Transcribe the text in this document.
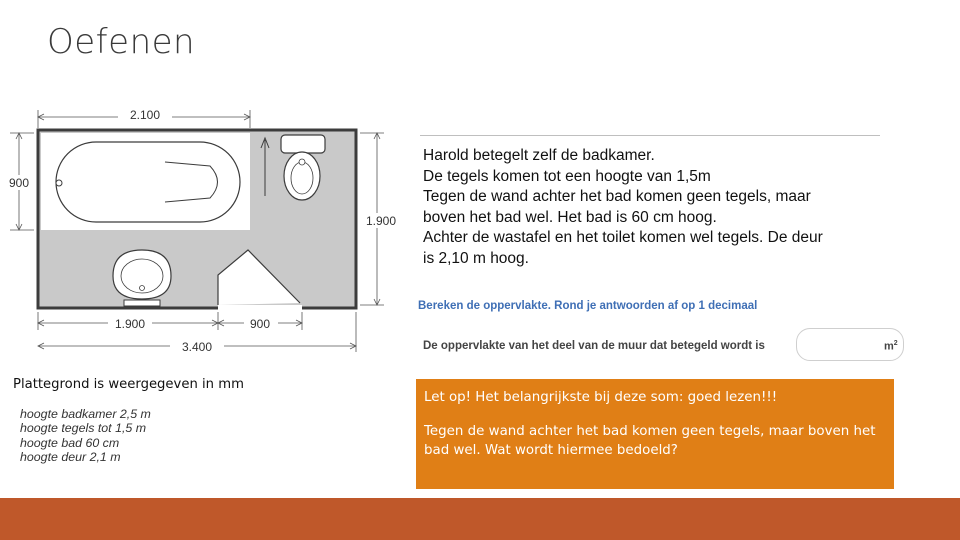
Oefenen
2.100
900
1.900
1.900	900
3.400
Plattegrond is weergegeven in mm
hoogte badkamer 2,5 m
hoogte tegels tot 1,5 m
hoogte bad 60 cm
hoogte deur 2,1 m
Harold betegelt zelf de badkamer.
De tegels komen tot een hoogte van 1,5m
Tegen de wand achter het bad komen geen tegels, maar
boven het bad wel. Het bad is 60 cm hoog.
Achter de wastafel en het toilet komen wel tegels. De deur
is 2,10 m hoog.
Bereken de oppervlakte. Rond je antwoorden af op 1 decimaal
De oppervlakte van het deel van de muur dat betegeld wordt is	$m^2$

Let op! Het belangrijkste bij deze som: goed lezen!!!

Tegen de wand achter het bad komen geen tegels, maar boven het bad wel. Wat wordt hiermee bedoeld?
